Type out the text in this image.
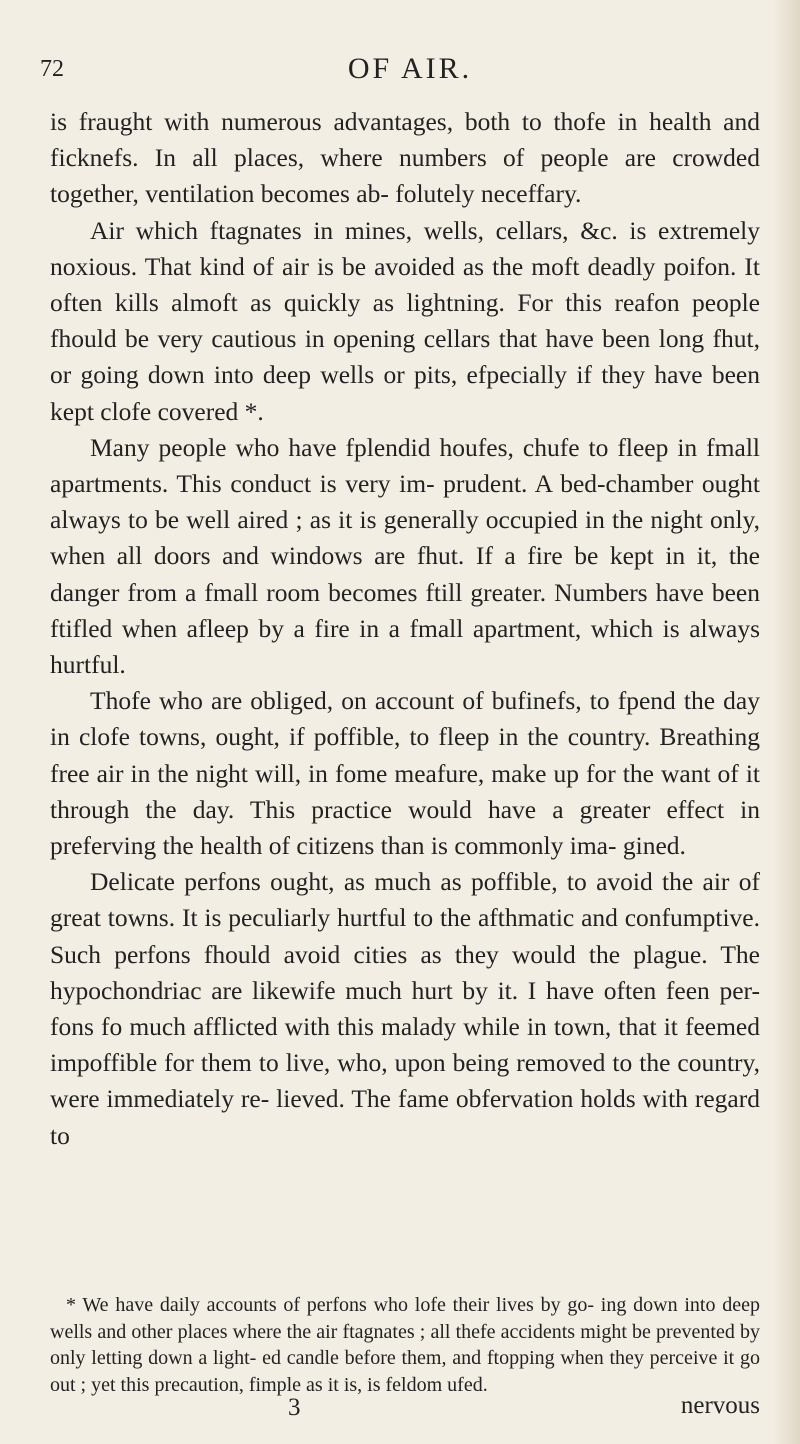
72	OF AIR.

is fraught with numerous advantages, both to thofe in health and ficknefs. In all places, where numbers of people are crowded together, ventilation becomes ab- folutely neceffary.

Air which ftagnates in mines, wells, cellars, &c. is extremely noxious. That kind of air is be avoided as the moft deadly poifon. It often kills almoft as quickly as lightning. For this reafon people fhould be very cautious in opening cellars that have been long fhut, or going down into deep wells or pits, efpecially if they have been kept clofe covered *.

Many people who have fplendid houfes, chufe to fleep in fmall apartments. This conduct is very im- prudent. A bed-chamber ought always to be well aired ; as it is generally occupied in the night only, when all doors and windows are fhut. If a fire be kept in it, the danger from a fmall room becomes ftill greater. Numbers have been ftifled when afleep by a fire in a fmall apartment, which is always hurtful.

Thofe who are obliged, on account of bufinefs, to fpend the day in clofe towns, ought, if poffible, to fleep in the country. Breathing free air in the night will, in fome meafure, make up for the want of it through the day. This practice would have a greater effect in preferving the health of citizens than is commonly ima- gined.

Delicate perfons ought, as much as poffible, to avoid the air of great towns. It is peculiarly hurtful to the afthmatic and confumptive. Such perfons fhould avoid cities as they would the plague. The hypochondriac are likewife much hurt by it. I have often feen per- fons fo much afflicted with this malady while in town, that it feemed impoffible for them to live, who, upon being removed to the country, were immediately re- lieved. The fame obfervation holds with regard to

* We have daily accounts of perfons who lofe their lives by go- ing down into deep wells and other places where the air ftagnates ; all thefe accidents might be prevented by only letting down a light- ed candle before them, and ftopping when they perceive it go out ; yet this precaution, fimple as it is, is feldom ufed.

3	nervous
